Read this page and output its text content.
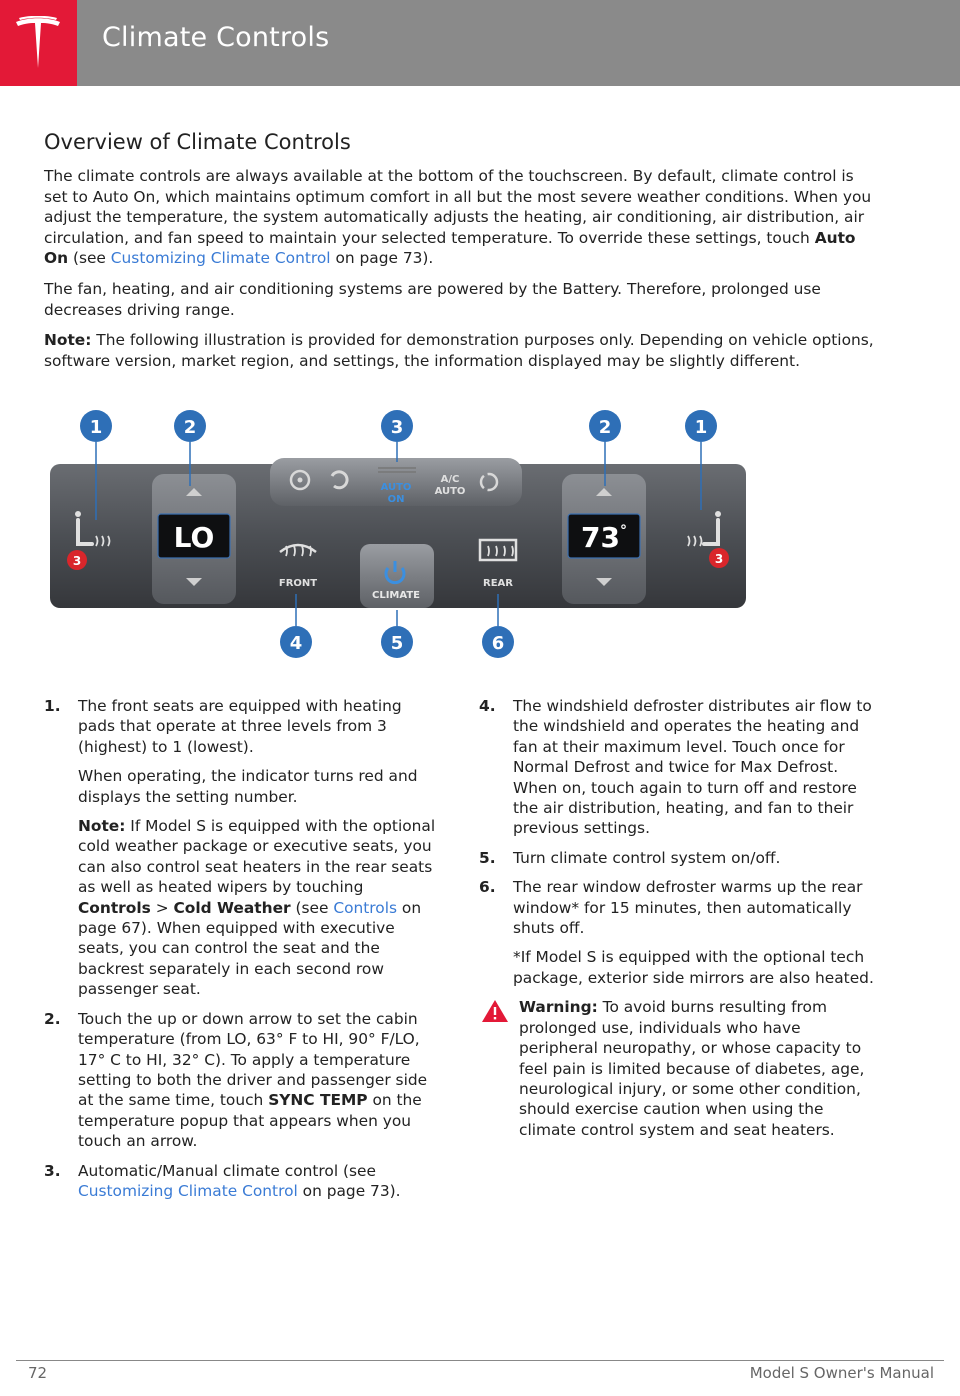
Climate Controls
Overview of Climate Controls

The climate controls are always available at the bottom of the touchscreen. By default, climate control is set to Auto On, which maintains optimum comfort in all but the most severe weather conditions. When you adjust the temperature, the system automatically adjusts the heating, air conditioning, air distribution, air circulation, and fan speed to maintain your selected temperature. To override these settings, touch Auto On (see Customizing Climate Control on page 73).

The fan, heating, and air conditioning systems are powered by the Battery. Therefore, prolonged use decreases driving range.

Note: The following illustration is provided for demonstration purposes only. Depending on vehicle options, software version, market region, and settings, the information displayed may be slightly different.

AUTO
ON
A/C
AUTO
3	3
LO	73°
FRONT
CLIMATE
REAR
1	2	3	2	1
4	5	6
1. The front seats are equipped with heating pads that operate at three levels from 3 (highest) to 1 (lowest).

When operating, the indicator turns red and displays the setting number.

Note: If Model S is equipped with the optional cold weather package or executive seats, you can also control seat heaters in the rear seats as well as heated wipers by touching Controls > Cold Weather (see Controls on page 67). When equipped with executive seats, you can control the seat and the backrest separately in each second row passenger seat.

2. Touch the up or down arrow to set the cabin temperature (from LO, 63° F to HI, 90° F/LO, 17° C to HI, 32° C). To apply a temperature setting to both the driver and passenger side at the same time, touch SYNC TEMP on the temperature popup that appears when you touch an arrow.

3. Automatic/Manual climate control (see Customizing Climate Control on page 73).

4. The windshield defroster distributes air flow to the windshield and operates the heating and fan at their maximum level. Touch once for Normal Defrost and twice for Max Defrost. When on, touch again to turn off and restore the air distribution, heating, and fan to their previous settings.

5. Turn climate control system on/off.

6. The rear window defroster warms up the rear window* for 15 minutes, then automatically shuts off.

*If Model S is equipped with the optional tech package, exterior side mirrors are also heated.

Warning: To avoid burns resulting from prolonged use, individuals who have peripheral neuropathy, or whose capacity to feel pain is limited because of diabetes, age, neurological injury, or some other condition, should exercise caution when using the climate control system and seat heaters.

72	Model S Owner's Manual
